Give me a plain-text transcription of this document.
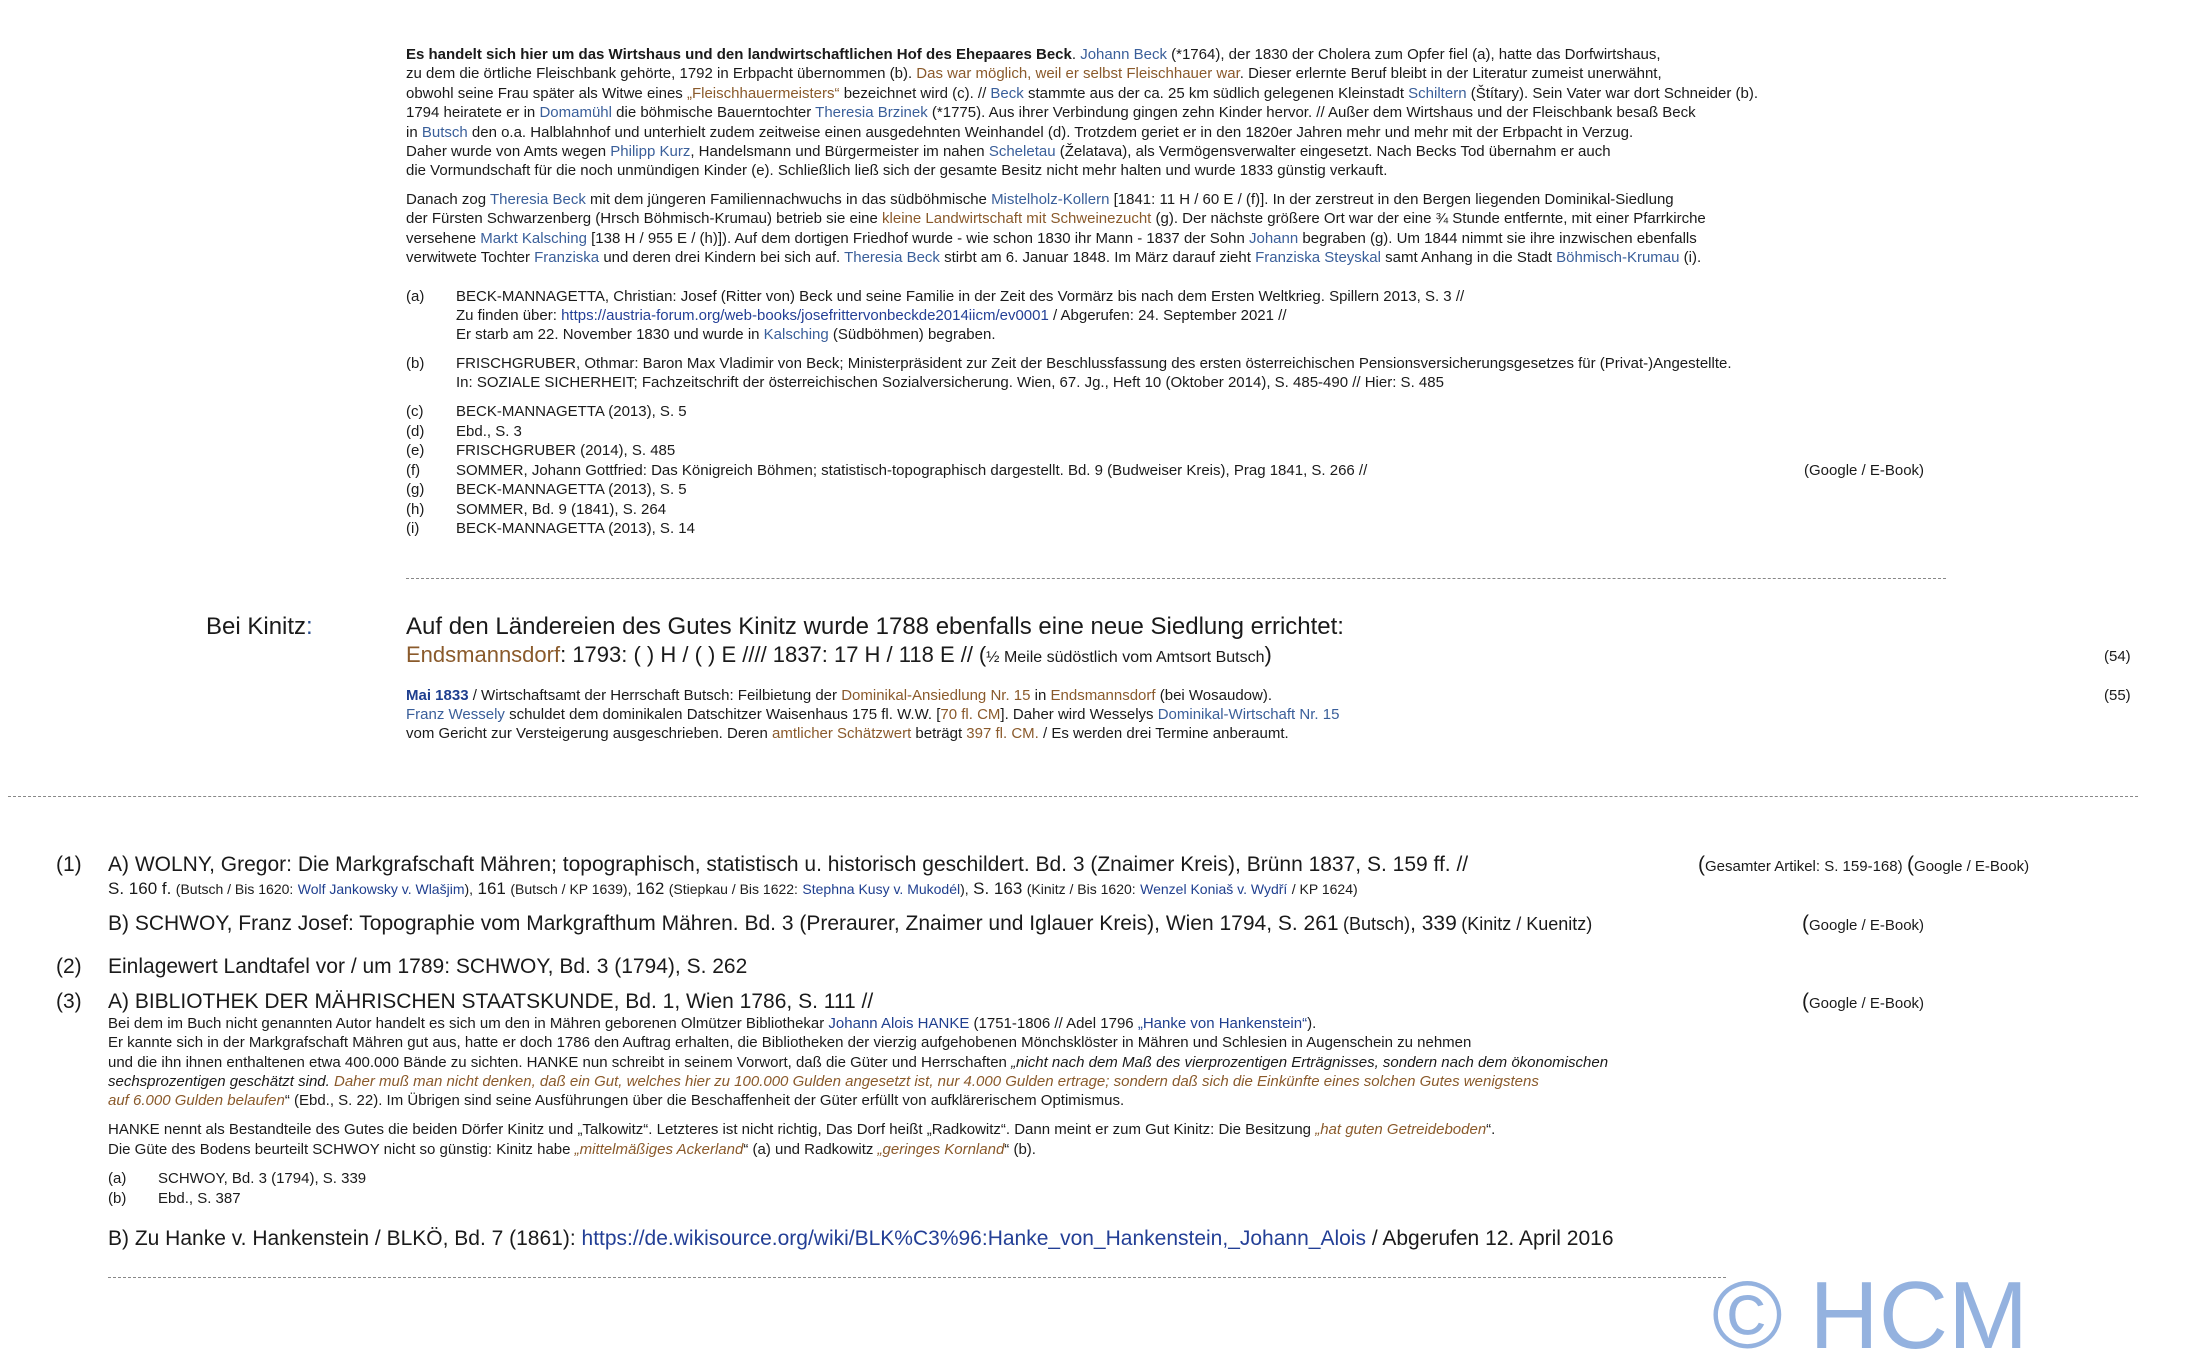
Es handelt sich hier um das Wirtshaus und den landwirtschaftlichen Hof des Ehepaares Beck. Johann Beck (*1764), der 1830 der Cholera zum Opfer fiel (a), hatte das Dorfwirtshaus,
zu dem die örtliche Fleischbank gehörte, 1792 in Erbpacht übernommen (b). Das war möglich, weil er selbst Fleischhauer war. Dieser erlernte Beruf bleibt in der Literatur zumeist unerwähnt,
obwohl seine Frau später als Witwe eines „Fleischhauermeisters“ bezeichnet wird (c). // Beck stammte aus der ca. 25 km südlich gelegenen Kleinstadt Schiltern (Štítary). Sein Vater war dort Schneider (b).
1794 heiratete er in Domamühl die böhmische Bauerntochter Theresia Brzinek (*1775). Aus ihrer Verbindung gingen zehn Kinder hervor. // Außer dem Wirtshaus und der Fleischbank besaß Beck
in Butsch den o.a. Halblahnhof und unterhielt zudem zeitweise einen ausgedehnten Weinhandel (d). Trotzdem geriet er in den 1820er Jahren mehr und mehr mit der Erbpacht in Verzug.
Daher wurde von Amts wegen Philipp Kurz, Handelsmann und Bürgermeister im nahen Scheletau (Želatava), als Vermögensverwalter eingesetzt. Nach Becks Tod übernahm er auch
die Vormundschaft für die noch unmündigen Kinder (e). Schließlich ließ sich der gesamte Besitz nicht mehr halten und wurde 1833 günstig verkauft.
Danach zog Theresia Beck mit dem jüngeren Familiennachwuchs in das südböhmische Mistelholz-Kollern [1841: 11 H / 60 E / (f)]. In der zerstreut in den Bergen liegenden Dominikal-Siedlung
der Fürsten Schwarzenberg (Hrsch Böhmisch-Krumau) betrieb sie eine kleine Landwirtschaft mit Schweinezucht (g). Der nächste größere Ort war der eine ¾ Stunde entfernte, mit einer Pfarrkirche
versehene Markt Kalsching [138 H / 955 E / (h)]). Auf dem dortigen Friedhof wurde - wie schon 1830 ihr Mann - 1837 der Sohn Johann begraben (g). Um 1844 nimmt sie ihre inzwischen ebenfalls
verwitwete Tochter Franziska und deren drei Kindern bei sich auf. Theresia Beck stirbt am 6. Januar 1848. Im März darauf zieht Franziska Steyskal samt Anhang in die Stadt Böhmisch-Krumau (i).
(a) BECK-MANNAGETTA, Christian: Josef (Ritter von) Beck und seine Familie in der Zeit des Vormärz bis nach dem Ersten Weltkrieg. Spillern 2013, S. 3 //
Zu finden über: https://austria-forum.org/web-books/josefrittervonbeckde2014iicm/ev0001 / Abgerufen: 24. September 2021 //
Er starb am 22. November 1830 und wurde in Kalsching (Südböhmen) begraben.
(b) FRISCHGRUBER, Othmar: Baron Max Vladimir von Beck; Ministerpräsident zur Zeit der Beschlussfassung des ersten österreichischen Pensionsversicherungsgesetzes für (Privat-)Angestellte.
In: SOZIALE SICHERHEIT; Fachzeitschrift der österreichischen Sozialversicherung. Wien, 67. Jg., Heft 10 (Oktober 2014), S. 485-490 // Hier: S. 485
(c) BECK-MANNAGETTA (2013), S. 5
(d) Ebd., S. 3
(e) FRISCHGRUBER (2014), S. 485
(f) SOMMER, Johann Gottfried: Das Königreich Böhmen; statistisch-topographisch dargestellt. Bd. 9 (Budweiser Kreis), Prag 1841, S. 266 //	(Google / E-Book)
(g) BECK-MANNAGETTA (2013), S. 5
(h) SOMMER, Bd. 9 (1841), S. 264
(i) BECK-MANNAGETTA (2013), S. 14
Bei Kinitz:	Auf den Ländereien des Gutes Kinitz wurde 1788 ebenfalls eine neue Siedlung errichtet:
Endsmannsdorf: 1793: ( ) H / ( ) E //// 1837: 17 H / 118 E // (½ Meile südöstlich vom Amtsort Butsch)	(54)
Mai 1833 / Wirtschaftsamt der Herrschaft Butsch: Feilbietung der Dominikal-Ansiedlung Nr. 15 in Endsmannsdorf (bei Wosaudow).	(55)
Franz Wessely schuldet dem dominikalen Datschitzer Waisenhaus 175 fl. W.W. [70 fl. CM]. Daher wird Wesselys Dominikal-Wirtschaft Nr. 15
vom Gericht zur Versteigerung ausgeschrieben. Deren amtlicher Schätzwert beträgt 397 fl. CM. / Es werden drei Termine anberaumt.
(1) A) WOLNY, Gregor: Die Markgrafschaft Mähren; topographisch, statistisch u. historisch geschildert. Bd. 3 (Znaimer Kreis), Brünn 1837, S. 159 ff. //	(Gesamter Artikel: S. 159-168) (Google / E-Book)
S. 160 f. (Butsch / Bis 1620: Wolf Jankowsky v. Wlašjim), 161 (Butsch / KP 1639), 162 (Stiepkau / Bis 1622: Stephna Kusy v. Mukodél), S. 163 (Kinitz / Bis 1620: Wenzel Koniaš v. Wydří / KP 1624)
B) SCHWOY, Franz Josef: Topographie vom Markgrafthum Mähren. Bd. 3 (Preraurer, Znaimer und Iglauer Kreis), Wien 1794, S. 261 (Butsch), 339 (Kinitz / Kuenitz)	(Google / E-Book)
(2) Einlagewert Landtafel vor / um 1789: SCHWOY, Bd. 3 (1794), S. 262
(3) A) BIBLIOTHEK DER MÄHRISCHEN STAATSKUNDE, Bd. 1, Wien 1786, S. 111 //	(Google / E-Book)
Bei dem im Buch nicht genannten Autor handelt es sich um den in Mähren geborenen Olmützer Bibliothekar Johann Alois HANKE (1751-1806 // Adel 1796 „Hanke von Hankenstein“).
Er kannte sich in der Markgrafschaft Mähren gut aus, hatte er doch 1786 den Auftrag erhalten, die Bibliotheken der vierzig aufgehobenen Mönchsklöster in Mähren und Schlesien in Augenschein zu nehmen
und die ihn ihnen enthaltenen etwa 400.000 Bände zu sichten. HANKE nun schreibt in seinem Vorwort, daß die Güter und Herrschaften „nicht nach dem Maß des vierprozentigen Erträgnisses, sondern nach dem ökonomischen
sechsprozentigen geschätzt sind. Daher muß man nicht denken, daß ein Gut, welches hier zu 100.000 Gulden angesetzt ist, nur 4.000 Gulden ertrage; sondern daß sich die Einkünfte eines solchen Gutes wenigstens
auf 6.000 Gulden belaufen“ (Ebd., S. 22). Im Übrigen sind seine Ausführungen über die Beschaffenheit der Güter erfüllt von aufklärerischem Optimismus.
HANKE nennt als Bestandteile des Gutes die beiden Dörfer Kinitz und „Talkowitz“. Letzteres ist nicht richtig, Das Dorf heißt „Radkowitz“. Dann meint er zum Gut Kinitz: Die Besitzung „hat guten Getreideboden“.
Die Güte des Bodens beurteilt SCHWOY nicht so günstig: Kinitz habe „mittelmäßiges Ackerland“ (a) und Radkowitz „geringes Kornland“ (b).
(a) SCHWOY, Bd. 3 (1794), S. 339
(b) Ebd., S. 387
B) Zu Hanke v. Hankenstein / BLKÖ, Bd. 7 (1861): https://de.wikisource.org/wiki/BLK%C3%96:Hanke_von_Hankenstein,_Johann_Alois / Abgerufen 12. April 2016
© HCM
